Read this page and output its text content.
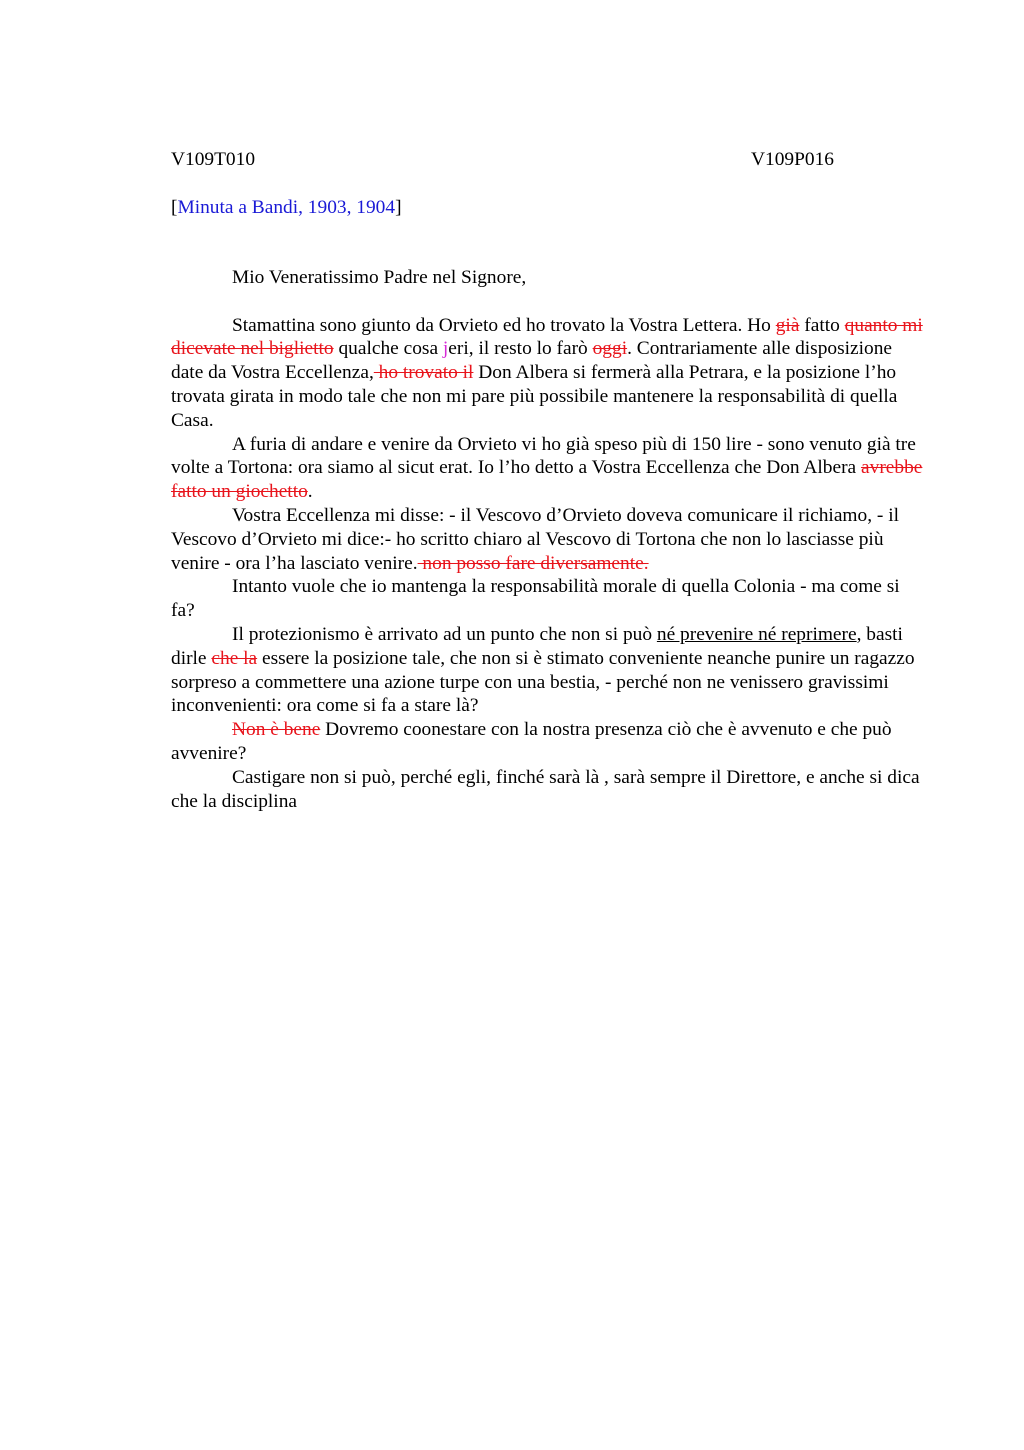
V109T010	V109P016
[Minuta a Bandi, 1903, 1904]

Mio Veneratissimo Padre nel Signore,

Stamattina sono giunto da Orvieto ed ho trovato la Vostra Lettera. Ho già fatto quanto mi dicevate nel biglietto qualche cosa jeri, il resto lo farò oggi. Contrariamente alle disposizione date da Vostra Eccellenza, ho trovato il Don Albera si fermerà alla Petrara, e la posizione l’ho trovata girata in modo tale che non mi pare più possibile mantenere la responsabilità di quella Casa.

A furia di andare e venire da Orvieto vi ho già speso più di 150 lire - sono venuto già tre volte a Tortona: ora siamo al sicut erat. Io l’ho detto a Vostra Eccellenza che Don Albera avrebbe fatto un giochetto.

Vostra Eccellenza mi disse: - il Vescovo d’Orvieto doveva comunicare il richiamo, - il Vescovo d’Orvieto mi dice:- ho scritto chiaro al Vescovo di Tortona che non lo lasciasse più venire - ora l’ha lasciato venire. non posso fare diversamente.

Intanto vuole che io mantenga la responsabilità morale di quella Colonia - ma come si fa?

Il protezionismo è arrivato ad un punto che non si può né prevenire né reprimere, basti dirle che la essere la posizione tale, che non si è stimato conveniente neanche punire un ragazzo sorpreso a commettere una azione turpe con una bestia, - perché non ne venissero gravissimi inconvenienti: ora come si fa a stare là?

Non è bene Dovremo coonestare con la nostra presenza ciò che è avvenuto e che può avvenire?

Castigare non si può, perché egli, finché sarà là , sarà sempre il Direttore, e anche si dica che la disciplina
